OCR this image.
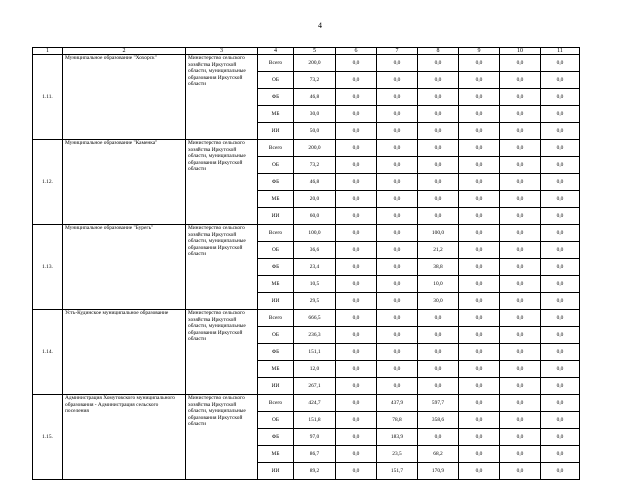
4
1	2	3	4	5	6	7	8	9	10	11
1.11.	Муниципальное образование "Хохорск"	Министерство сельского хозяйства Иркутской области, муниципальные образования Иркутской области	Всего	200,0	0,0	0,0	0,0	0,0	0,0	0,0
			ОБ	73,2	0,0	0,0	0,0	0,0	0,0	0,0
			ФБ	46,8	0,0	0,0	0,0	0,0	0,0	0,0
			МБ	30,0	0,0	0,0	0,0	0,0	0,0	0,0
			ИИ	50,0	0,0	0,0	0,0	0,0	0,0	0,0
1.12.	Муниципальное образование "Каменка"	Министерство сельского хозяйства Иркутской области, муниципальные образования Иркутской области	Всего	200,0	0,0	0,0	0,0	0,0	0,0	0,0
			ОБ	73,2	0,0	0,0	0,0	0,0	0,0	0,0
			ФБ	46,8	0,0	0,0	0,0	0,0	0,0	0,0
			МБ	20,0	0,0	0,0	0,0	0,0	0,0	0,0
			ИИ	60,0	0,0	0,0	0,0	0,0	0,0	0,0
1.13.	Муниципальное образование "Бурегь"	Министерство сельского хозяйства Иркутской области, муниципальные образования Иркутской области	Всего	100,0	0,0	0,0	100,0	0,0	0,0	0,0
			ОБ	36,6	0,0	0,0	21,2	0,0	0,0	0,0
			ФБ	23,4	0,0	0,0	38,8	0,0	0,0	0,0
			МБ	10,5	0,0	0,0	10,0	0,0	0,0	0,0
			ИИ	29,5	0,0	0,0	30,0	0,0	0,0	0,0
1.14.	Усть-Кудинское муниципальное образование	Министерство сельского хозяйства Иркутской области, муниципальные образования Иркутской области	Всего	666,5	0,0	0,0	0,0	0,0	0,0	0,0
			ОБ	236,3	0,0	0,0	0,0	0,0	0,0	0,0
			ФБ	151,1	0,0	0,0	0,0	0,0	0,0	0,0
			МБ	12,0	0,0	0,0	0,0	0,0	0,0	0,0
			ИИ	267,1	0,0	0,0	0,0	0,0	0,0	0,0
1.15.	Администрация Хомутовского муниципального образования - Администрация сельского поселения	Министерство сельского хозяйства Иркутской области, муниципальные образования Иркутской области	Всего	424,7	0,0	437,9	597,7	0,0	0,0	0,0
			ОБ	151,8	0,0	78,8	358,6	0,0	0,0	0,0
			ФБ	97,0	0,0	183,9	0,0	0,0	0,0	0,0
			МБ	86,7	0,0	23,5	68,2	0,0	0,0	0,0
			ИИ	89,2	0,0	151,7	170,9	0,0	0,0	0,0
